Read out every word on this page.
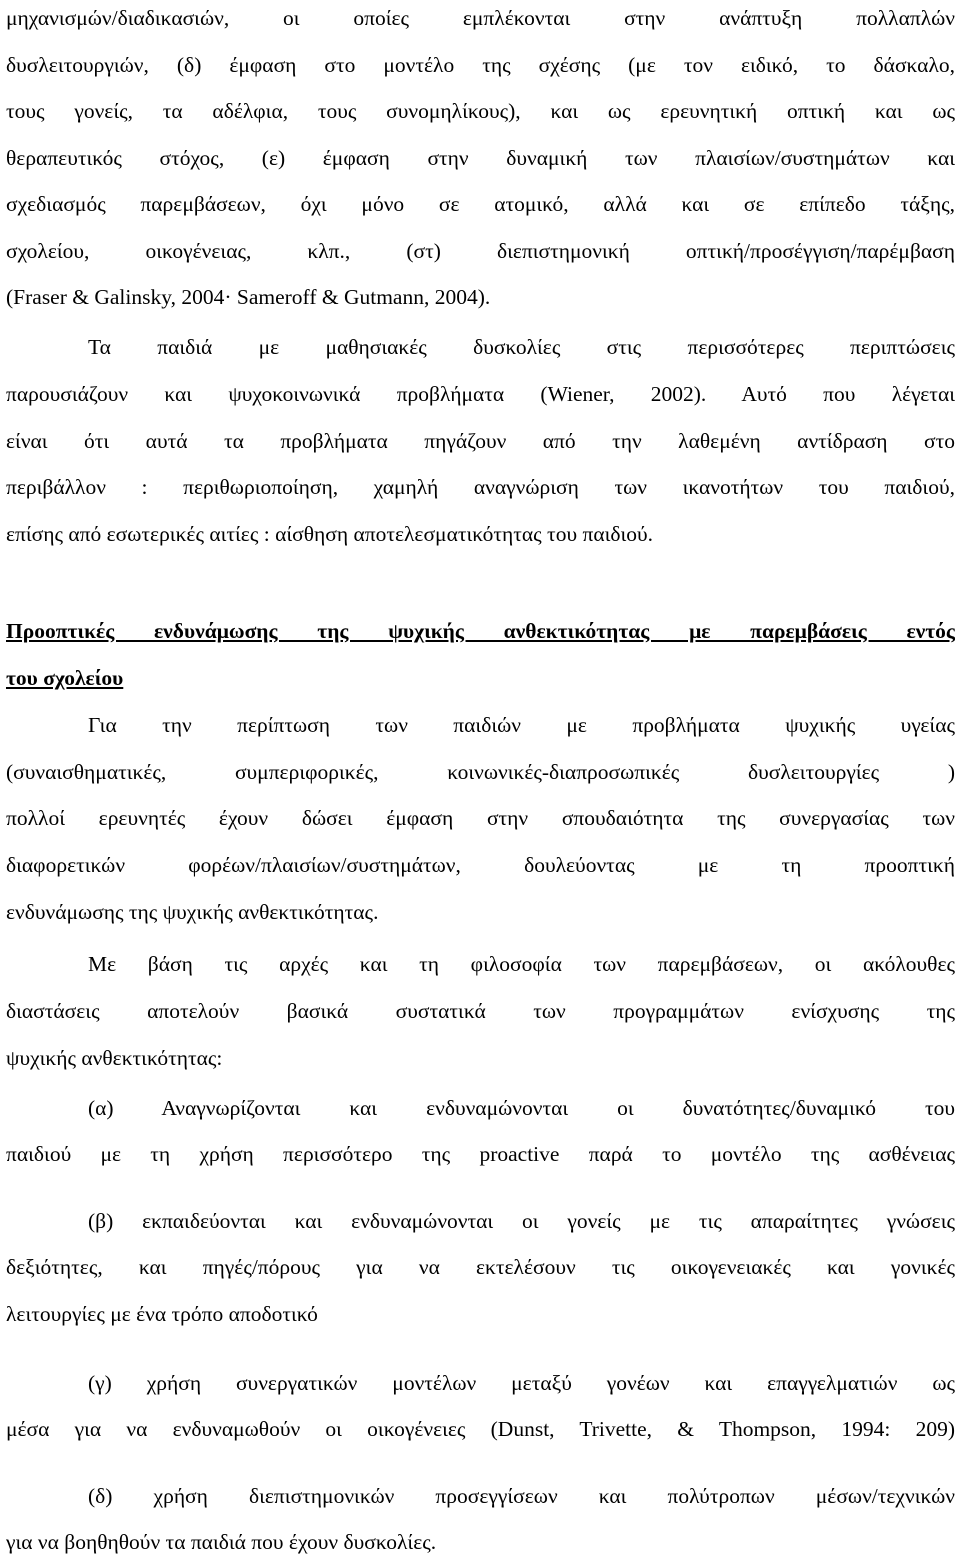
μηχανισμών/διαδικασιών, οι οποίες εμπλέκονται στην ανάπτυξη πολλαπλών
δυσλειτουργιών, (δ) έμφαση στο μοντέλο της σχέσης (με τον ειδικό, το δάσκαλο,
τους γονείς, τα αδέλφια, τους συνομηλίκους), και ως ερευνητική οπτική και ως
θεραπευτικός στόχος, (ε) έμφαση στην δυναμική των πλαισίων/συστημάτων και
σχεδιασμός παρεμβάσεων, όχι μόνο σε ατομικό, αλλά και σε επίπεδο τάξης,
σχολείου, οικογένειας, κλπ., (στ) διεπιστημονική οπτική/προσέγγιση/παρέμβαση
(Fraser & Galinsky, 2004· Sameroff & Gutmann, 2004).
Τα παιδιά με μαθησιακές δυσκολίες στις περισσότερες περιπτώσεις
παρουσιάζουν και ψυχοκοινωνικά προβλήματα (Wiener, 2002). Αυτό που λέγεται
είναι ότι αυτά τα προβλήματα πηγάζουν από την λαθεμένη αντίδραση στο
περιβάλλον : περιθωριοποίηση, χαμηλή αναγνώριση των ικανοτήτων του παιδιού,
επίσης από εσωτερικές αιτίες : αίσθηση αποτελεσματικότητας του παιδιού.
Προοπτικές ενδυνάμωσης της ψυχικής ανθεκτικότητας με παρεμβάσεις εντός
του σχολείου
Για την περίπτωση των παιδιών με προβλήματα ψυχικής υγείας
(συναισθηματικές, συμπεριφορικές, κοινωνικές-διαπροσωπικές δυσλειτουργίες )
πολλοί ερευνητές έχουν δώσει έμφαση στην σπουδαιότητα της συνεργασίας των
διαφορετικών φορέων/πλαισίων/συστημάτων, δουλεύοντας με τη προοπτική
ενδυνάμωσης της ψυχικής ανθεκτικότητας.
Με βάση τις αρχές και τη φιλοσοφία των παρεμβάσεων, οι ακόλουθες
διαστάσεις αποτελούν βασικά συστατικά των προγραμμάτων ενίσχυσης της
ψυχικής ανθεκτικότητας:
(α) Αναγνωρίζονται και ενδυναμώνονται οι δυνατότητες/δυναμικό του
παιδιού με τη χρήση περισσότερο της proactive παρά το μοντέλο της ασθένειας
(β) εκπαιδεύονται και ενδυναμώνονται οι γονείς με τις απαραίτητες γνώσεις
δεξιότητες, και πηγές/πόρους για να εκτελέσουν τις οικογενειακές και γονικές
λειτουργίες με ένα τρόπο αποδοτικό
(γ) χρήση συνεργατικών μοντέλων μεταξύ γονέων και επαγγελματιών ως
μέσα για να ενδυναμωθούν οι οικογένειες (Dunst, Trivette, & Thompson, 1994: 209)
(δ) χρήση διεπιστημονικών προσεγγίσεων και πολύτροπων μέσων/τεχνικών
για να βοηθηθούν τα παιδιά που έχουν δυσκολίες.
